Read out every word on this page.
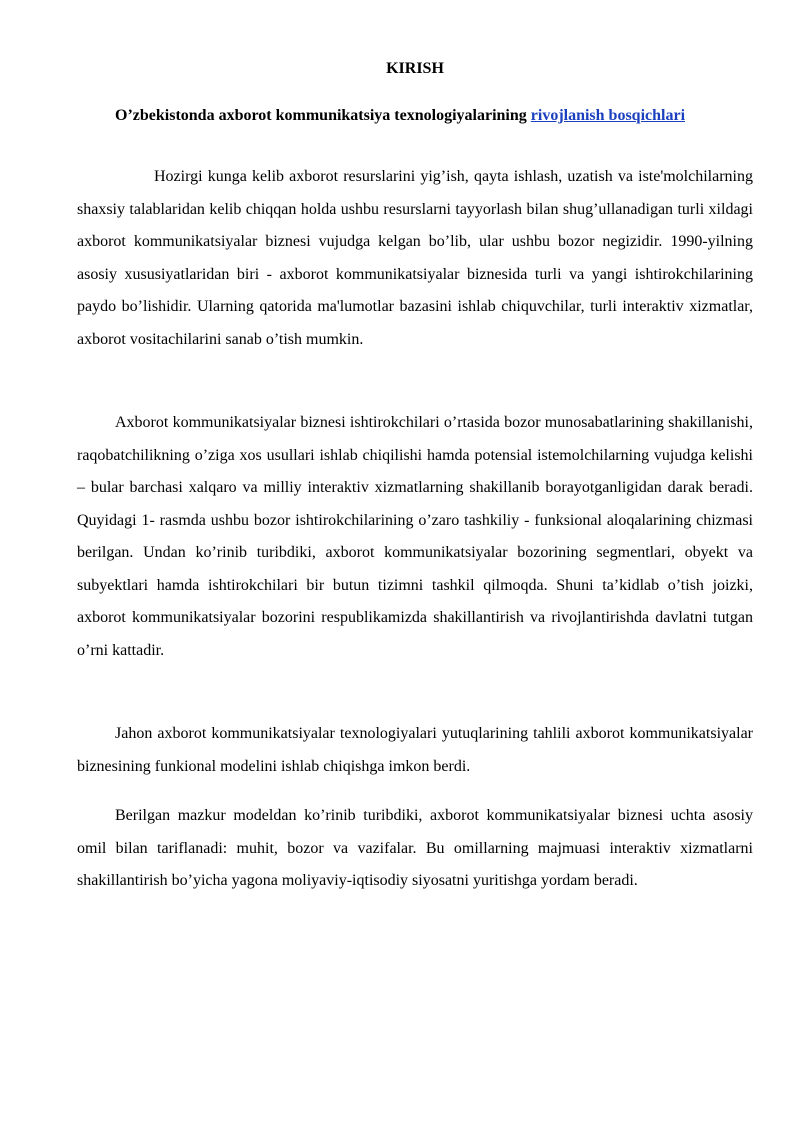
KIRISH

O’zbekistonda axborot kommunikatsiya texnologiyalarining rivojlanish bosqichlari

Hozirgi kunga kelib axborot resurslarini yig’ish, qayta ishlash, uzatish va iste'molchilarning shaxsiy talablaridan kelib chiqqan holda ushbu resurslarni tayyorlash bilan shug’ullanadigan turli xildagi axborot kommunikatsiyalar biznesi vujudga kelgan bo’lib, ular ushbu bozor negizidir. 1990-yilning asosiy xususiyatlaridan biri - axborot kommunikatsiyalar biznesida turli va yangi ishtirokchilarining paydo bo’lishidir. Ularning qatorida ma'lumotlar bazasini ishlab chiquvchilar, turli interaktiv xizmatlar, axborot vositachilarini sanab o’tish mumkin.

Axborot kommunikatsiyalar biznesi ishtirokchilari o’rtasida bozor munosabatlarining shakillanishi, raqobatchilikning o’ziga xos usullari ishlab chiqilishi hamda potensial istemolchilarning vujudga kelishi – bular barchasi xalqaro va milliy interaktiv xizmatlarning shakillanib borayotganligidan darak beradi. Quyidagi 1- rasmda ushbu bozor ishtirokchilarining o’zaro tashkiliy - funksional aloqalarining chizmasi berilgan. Undan ko’rinib turibdiki, axborot kommunikatsiyalar bozorining segmentlari, obyekt va subyektlari hamda ishtirokchilari bir butun tizimni tashkil qilmoqda. Shuni ta’kidlab o’tish joizki, axborot kommunikatsiyalar bozorini respublikamizda shakillantirish va rivojlantirishda davlatni tutgan o’rni kattadir.

Jahon axborot kommunikatsiyalar texnologiyalari yutuqlarining tahlili axborot kommunikatsiyalar biznesining funkional modelini ishlab chiqishga imkon berdi.

Berilgan mazkur modeldan ko’rinib turibdiki, axborot kommunikatsiyalar biznesi uchta asosiy omil bilan tariflanadi: muhit, bozor va vazifalar. Bu omillarning majmuasi interaktiv xizmatlarni shakillantirish bo’yicha yagona moliyaviy-iqtisodiy siyosatni yuritishga yordam beradi.
